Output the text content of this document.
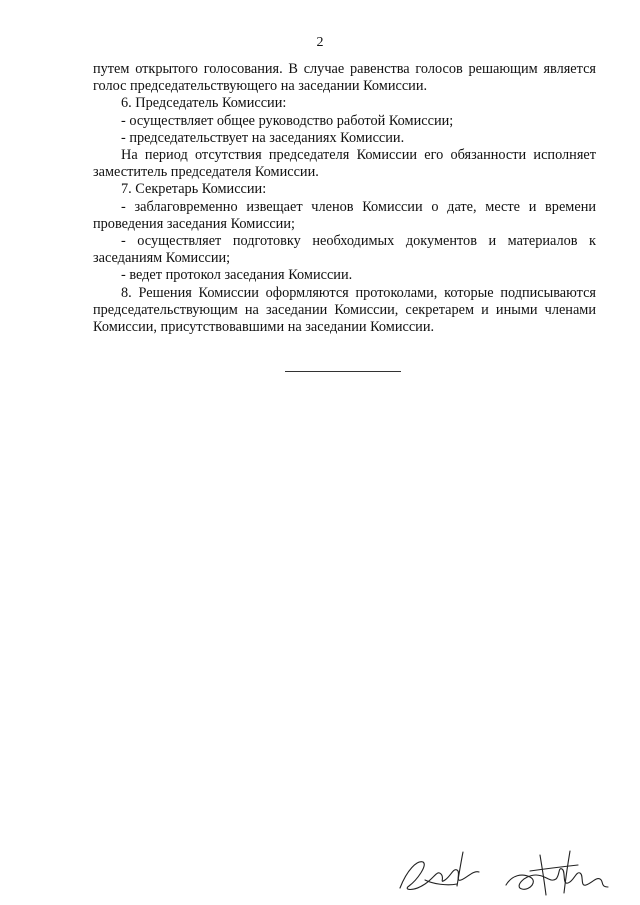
2

путем открытого голосования. В случае равенства голосов решающим является голос председательствующего на заседании Комиссии.

6. Председатель Комиссии:

- осуществляет общее руководство работой Комиссии;

- председательствует на заседаниях Комиссии.

На период отсутствия председателя Комиссии его обязанности исполняет заместитель председателя Комиссии.

7. Секретарь Комиссии:

- заблаговременно извещает членов Комиссии о дате, месте и времени проведения заседания Комиссии;

- осуществляет подготовку необходимых документов и материалов к заседаниям Комиссии;

- ведет протокол заседания Комиссии.

8. Решения Комиссии оформляются протоколами, которые подписываются председательствующим на заседании Комиссии, секретарем и иными членами Комиссии, присутствовавшими на заседании Комиссии.
